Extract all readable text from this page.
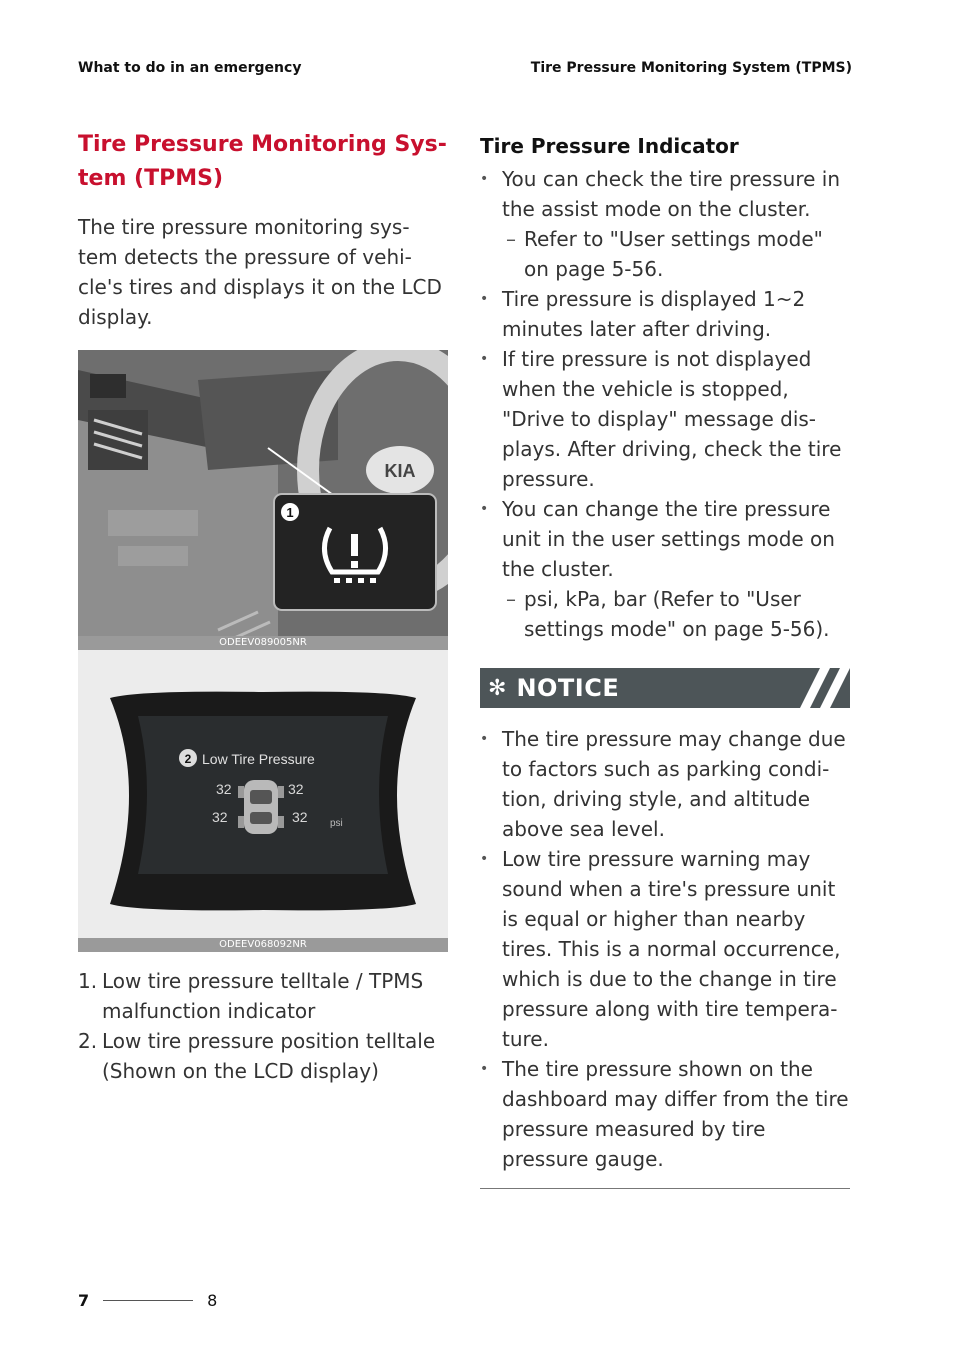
What to do in an emergency	Tire Pressure Monitoring System (TPMS)
Tire Pressure Monitoring Sys-
tem (TPMS)

The tire pressure monitoring sys- tem detects the pressure of vehi- cle's tires and displays it on the LCD display.

KIA
1
ODEEV089005NR
2 Low Tire Pressure
32	32
32	32 psi
ODEEV068092NR
1. Low tire pressure telltale / TPMS malfunction indicator
2. Low tire pressure position telltale (Shown on the LCD display)
Tire Pressure Indicator
• You can check the tire pressure in the assist mode on the cluster.
– Refer to "User settings mode" on page 5-56.
• Tire pressure is displayed 1~2 minutes later after driving.
• If tire pressure is not displayed when the vehicle is stopped, "Drive to display" message dis- plays. After driving, check the tire pressure.
• You can change the tire pressure unit in the user settings mode on the cluster.
– psi, kPa, bar (Refer to "User settings mode" on page 5-56).
✻ NOTICE
• The tire pressure may change due to factors such as parking condi- tion, driving style, and altitude above sea level.
• Low tire pressure warning may sound when a tire's pressure unit is equal or higher than nearby tires. This is a normal occurrence, which is due to the change in tire pressure along with tire tempera- ture.
• The tire pressure shown on the dashboard may differ from the tire pressure measured by tire pressure gauge.
7	8
